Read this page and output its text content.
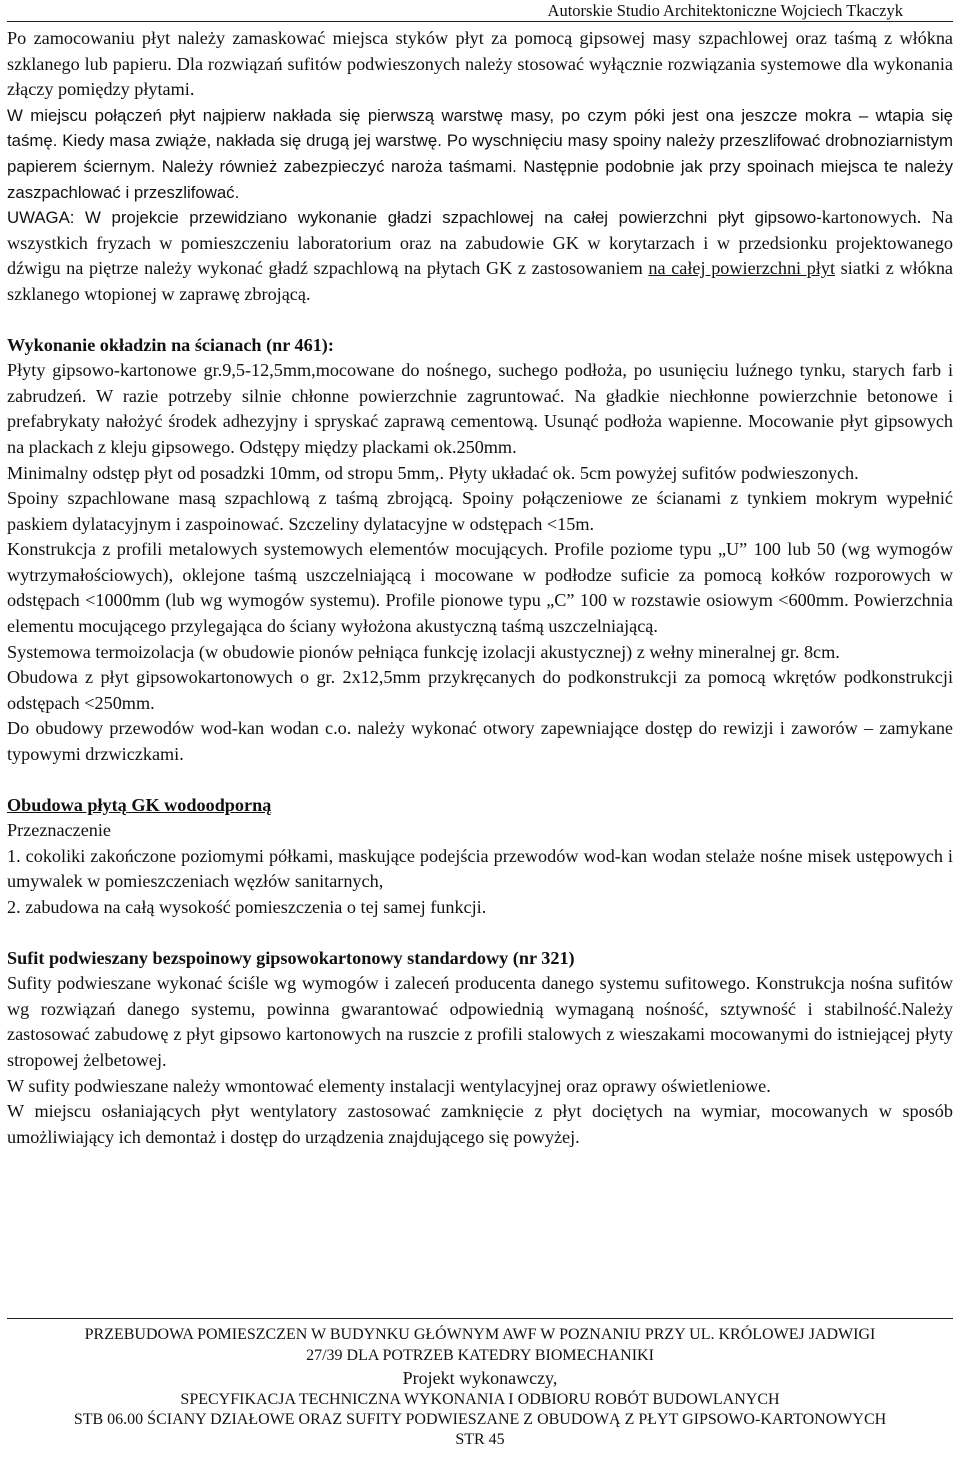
Autorskie Studio Architektoniczne Wojciech Tkaczyk

Po zamocowaniu płyt należy zamaskować miejsca styków płyt za pomocą gipsowej masy szpachlowej oraz taśmą z włókna szklanego lub papieru. Dla rozwiązań sufitów podwieszonych należy stosować wyłącznie rozwiązania systemowe dla wykonania złączy pomiędzy płytami.

W miejscu połączeń płyt najpierw nakłada się pierwszą warstwę masy, po czym póki jest ona jeszcze mokra – wtapia się taśmę. Kiedy masa zwiąże, nakłada się drugą jej warstwę. Po wyschnięciu masy spoiny należy przeszlifować drobnoziarnistym papierem ściernym. Należy również zabezpieczyć naroża taśmami. Następnie podobnie jak przy spoinach miejsca te należy zaszpachlować i przeszlifować.

UWAGA: W projekcie przewidziano wykonanie gładzi szpachlowej na całej powierzchni płyt gipsowo-kartonowych. Na wszystkich fryzach w pomieszczeniu laboratorium oraz na zabudowie GK w korytarzach i w przedsionku projektowanego dźwigu na piętrze należy wykonać gładź szpachlową na płytach GK z zastosowaniem na całej powierzchni płyt siatki z włókna szklanego wtopionej w zaprawę zbrojącą.

Wykonanie okładzin na ścianach (nr 461):

Płyty gipsowo-kartonowe gr.9,5-12,5mm,mocowane do nośnego, suchego podłoża, po usunięciu luźnego tynku, starych farb i zabrudzeń. W razie potrzeby silnie chłonne powierzchnie zagruntować. Na gładkie niechłonne powierzchnie betonowe i prefabrykaty nałożyć środek adhezyjny i spryskać zaprawą cementową. Usunąć podłoża wapienne. Mocowanie płyt gipsowych na plackach z kleju gipsowego. Odstępy między plackami ok.250mm.

Minimalny odstęp płyt od posadzki 10mm, od stropu 5mm,. Płyty układać ok. 5cm powyżej sufitów podwieszonych.

Spoiny szpachlowane masą szpachlową z taśmą zbrojącą. Spoiny połączeniowe ze ścianami z tynkiem mokrym wypełnić paskiem dylatacyjnym i zaspoinować. Szczeliny dylatacyjne w odstępach <15m.

Konstrukcja z profili metalowych systemowych elementów mocujących. Profile poziome typu „U” 100 lub 50 (wg wymogów wytrzymałościowych), oklejone taśmą uszczelniającą i mocowane w podłodze suficie za pomocą kołków rozporowych w odstępach <1000mm (lub wg wymogów systemu). Profile pionowe typu „C” 100 w rozstawie osiowym <600mm. Powierzchnia elementu mocującego przylegająca do ściany wyłożona akustyczną taśmą uszczelniającą.

Systemowa termoizolacja (w obudowie pionów pełniąca funkcję izolacji akustycznej) z wełny mineralnej gr. 8cm.

Obudowa z płyt gipsowokartonowych o gr. 2x12,5mm przykręcanych do podkonstrukcji za pomocą wkrętów podkonstrukcji odstępach <250mm.

Do obudowy przewodów wod-kan wodan c.o. należy wykonać otwory zapewniające dostęp do rewizji i zaworów – zamykane typowymi drzwiczkami.

Obudowa płytą GK wodoodporną

Przeznaczenie

1. cokoliki zakończone poziomymi półkami, maskujące podejścia przewodów wod-kan wodan stelaże nośne misek ustępowych i umywalek w pomieszczeniach węzłów sanitarnych,

2. zabudowa na całą wysokość pomieszczenia o tej samej funkcji.

Sufit podwieszany bezspoinowy gipsowokartonowy standardowy (nr 321)

Sufity podwieszane wykonać ściśle wg wymogów i zaleceń producenta danego systemu sufitowego. Konstrukcja nośna sufitów wg rozwiązań danego systemu, powinna gwarantować odpowiednią wymaganą nośność, sztywność i stabilność.Należy zastosować zabudowę z płyt gipsowo kartonowych na ruszcie z profili stalowych z wieszakami mocowanymi do istniejącej płyty stropowej żelbetowej.

W sufity podwieszane należy wmontować elementy instalacji wentylacyjnej oraz oprawy oświetleniowe.

W miejscu osłaniających płyt wentylatory zastosować zamknięcie z płyt dociętych na wymiar, mocowanych w sposób umożliwiający ich demontaż i dostęp do urządzenia znajdującego się powyżej.

PRZEBUDOWA POMIESZCZEN W BUDYNKU GŁÓWNYM AWF W POZNANIU PRZY UL. KRÓLOWEJ JADWIGI
27/39 DLA POTRZEB KATEDRY BIOMECHANIKI
Projekt wykonawczy,
SPECYFIKACJA TECHNICZNA WYKONANIA I ODBIORU ROBÓT BUDOWLANYCH
STB 06.00 ŚCIANY DZIAŁOWE ORAZ SUFITY PODWIESZANE Z OBUDOWĄ Z PŁYT GIPSOWO-KARTONOWYCH
STR 45
